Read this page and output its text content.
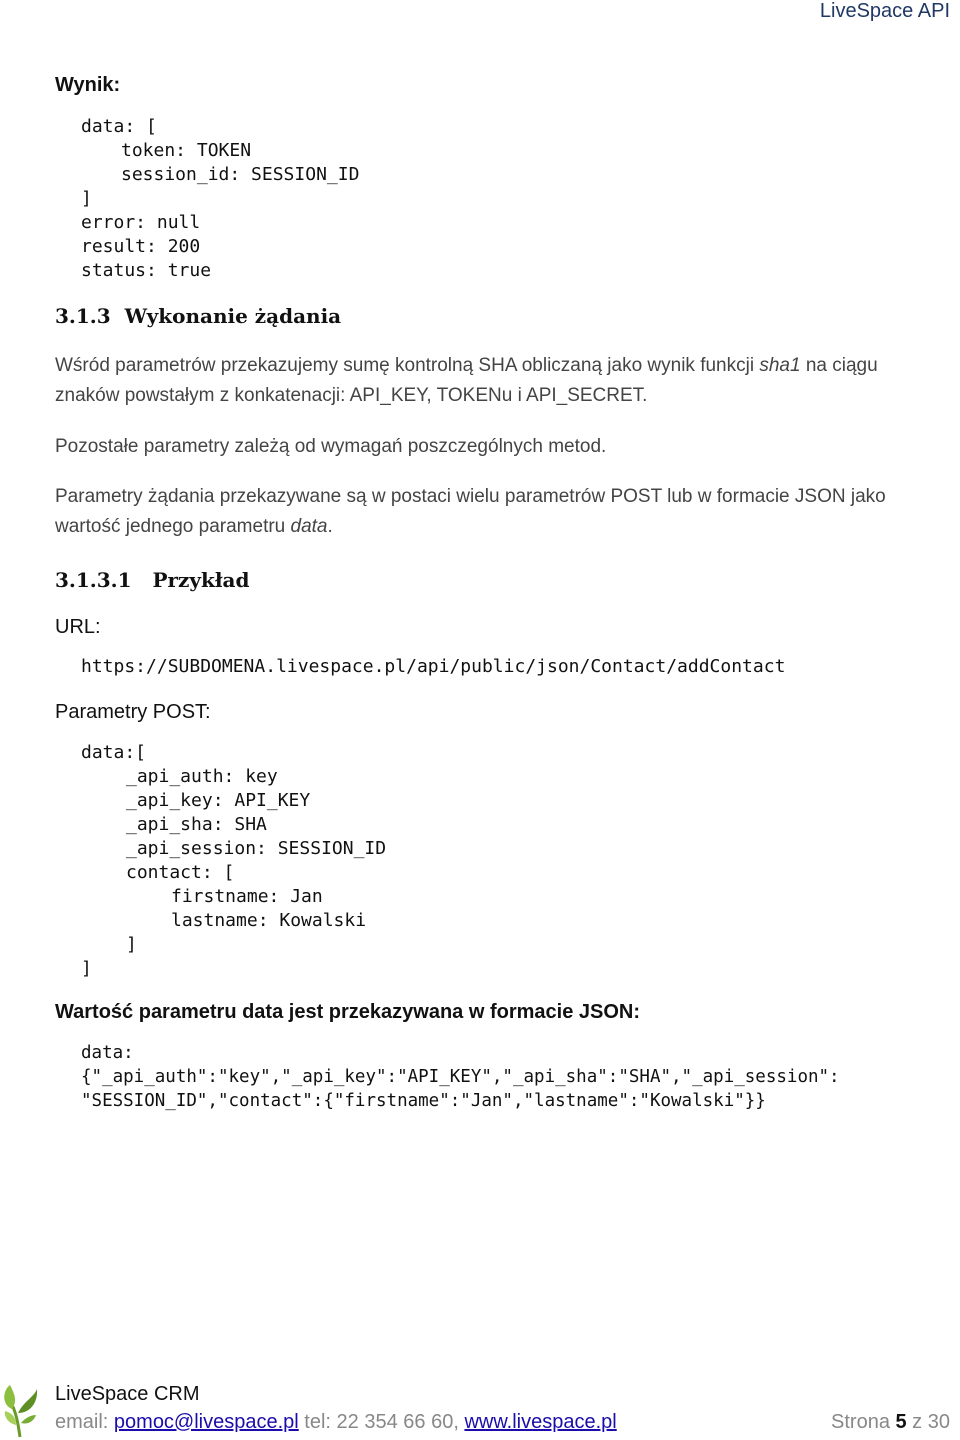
LiveSpace API
Wynik:
data: [
token: TOKEN
session_id: SESSION_ID
]
error: null
result: 200
status: true
3.1.3  Wykonanie żądania
Wśród parametrów przekazujemy sumę kontrolną SHA obliczaną jako wynik funkcji sha1 na ciągu znaków powstałym z konkatenacji: API_KEY, TOKENu i API_SECRET.
Pozostałe parametry zależą od wymagań poszczególnych metod.
Parametry żądania przekazywane są w postaci wielu parametrów POST lub w formacie JSON jako wartość jednego parametru data.
3.1.3.1   Przykład
URL:
https://SUBDOMENA.livespace.pl/api/public/json/Contact/addContact
Parametry POST:
data:[
_api_auth: key
_api_key: API_KEY
_api_sha: SHA
_api_session: SESSION_ID
contact: [
firstname: Jan
lastname: Kowalski
]
]
Wartość parametru data jest przekazywana w formacie JSON:
data:
{"_api_auth":"key","_api_key":"API_KEY","_api_sha":"SHA","_api_session":
"SESSION_ID","contact":{"firstname":"Jan","lastname":"Kowalski"}}
LiveSpace CRM
email: pomoc@livespace.pl tel: 22 354 66 60, www.livespace.pl	Strona 5 z 30
